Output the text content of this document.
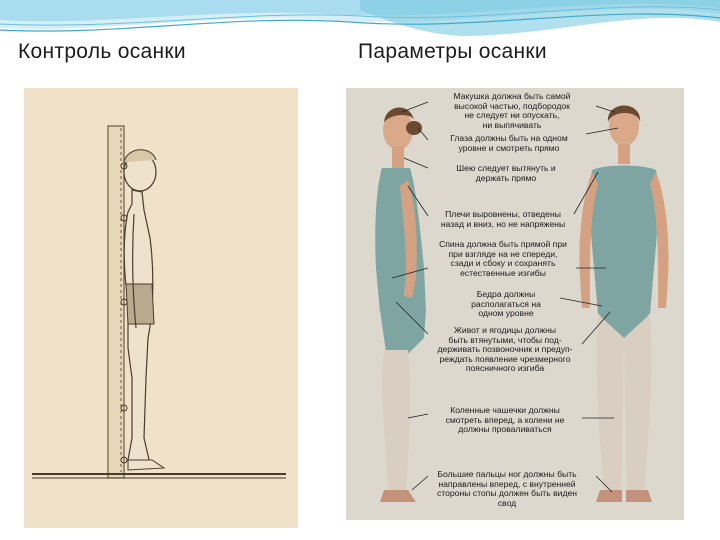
Контроль осанки	Параметры осанки
Макушка должна быть самой
высокой частью, подбородок
не следует ни опускать,
ни выпячивать
Глаза должны быть на одном
уровне и смотреть прямо
Шею следует вытянуть и
держать прямо
Плечи выровнены, отведены
назад и вниз, но не напряжены
Спина должна быть прямой при
при взгляде на не спереди,
сзади и сбоку и сохранять
естественные изгибы
Бедра должны
располагаться на
одном уровне
Живот и ягодицы должны
быть втянутыми, чтобы под-
держивать позвоночник и предуп-
реждать появление чрезмерного
поясничного изгиба
Коленные чашечки должны
смотреть вперед, а колени не
должны проваливаться
Большие пальцы ног должны быть
направлены вперед, с внутренней
стороны стопы должен быть виден
свод
